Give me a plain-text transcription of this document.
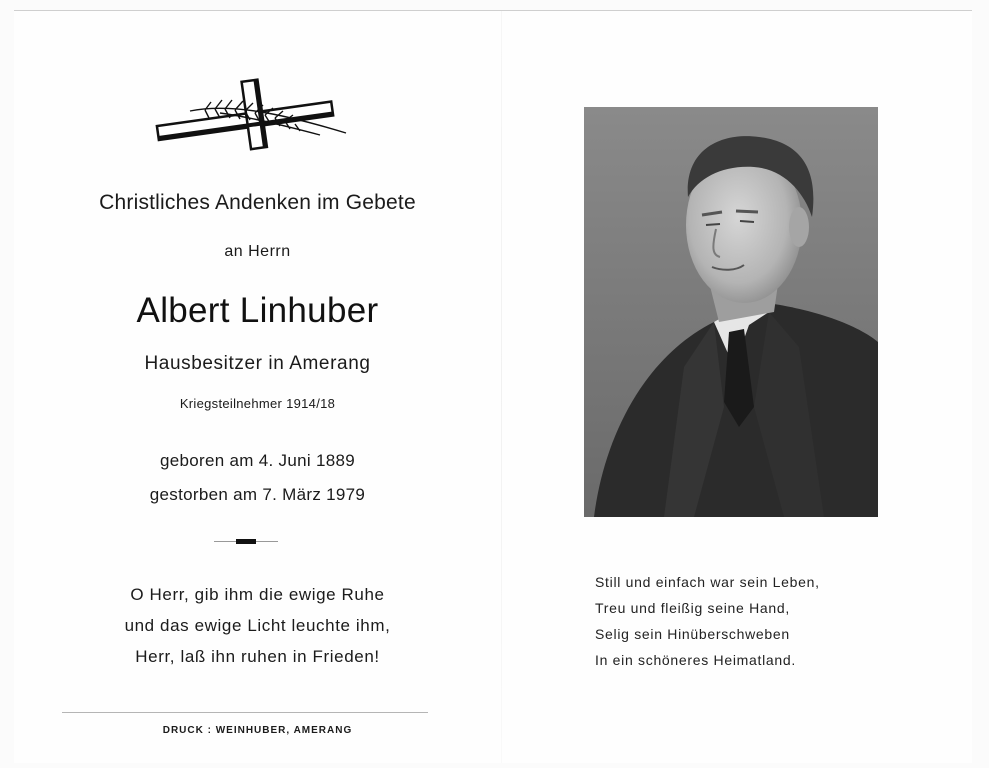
Christliches Andenken im Gebete
an Herrn
Albert Linhuber
Hausbesitzer in Amerang
Kriegsteilnehmer 1914/18
geboren am 4. Juni 1889
gestorben am 7. März 1979
O Herr, gib ihm die ewige Ruhe
und das ewige Licht leuchte ihm,
Herr, laß ihn ruhen in Frieden!
DRUCK : WEINHUBER, AMERANG
Still und einfach war sein Leben,
Treu und fleißig seine Hand,
Selig sein Hinüberschweben
In ein schöneres Heimatland.
